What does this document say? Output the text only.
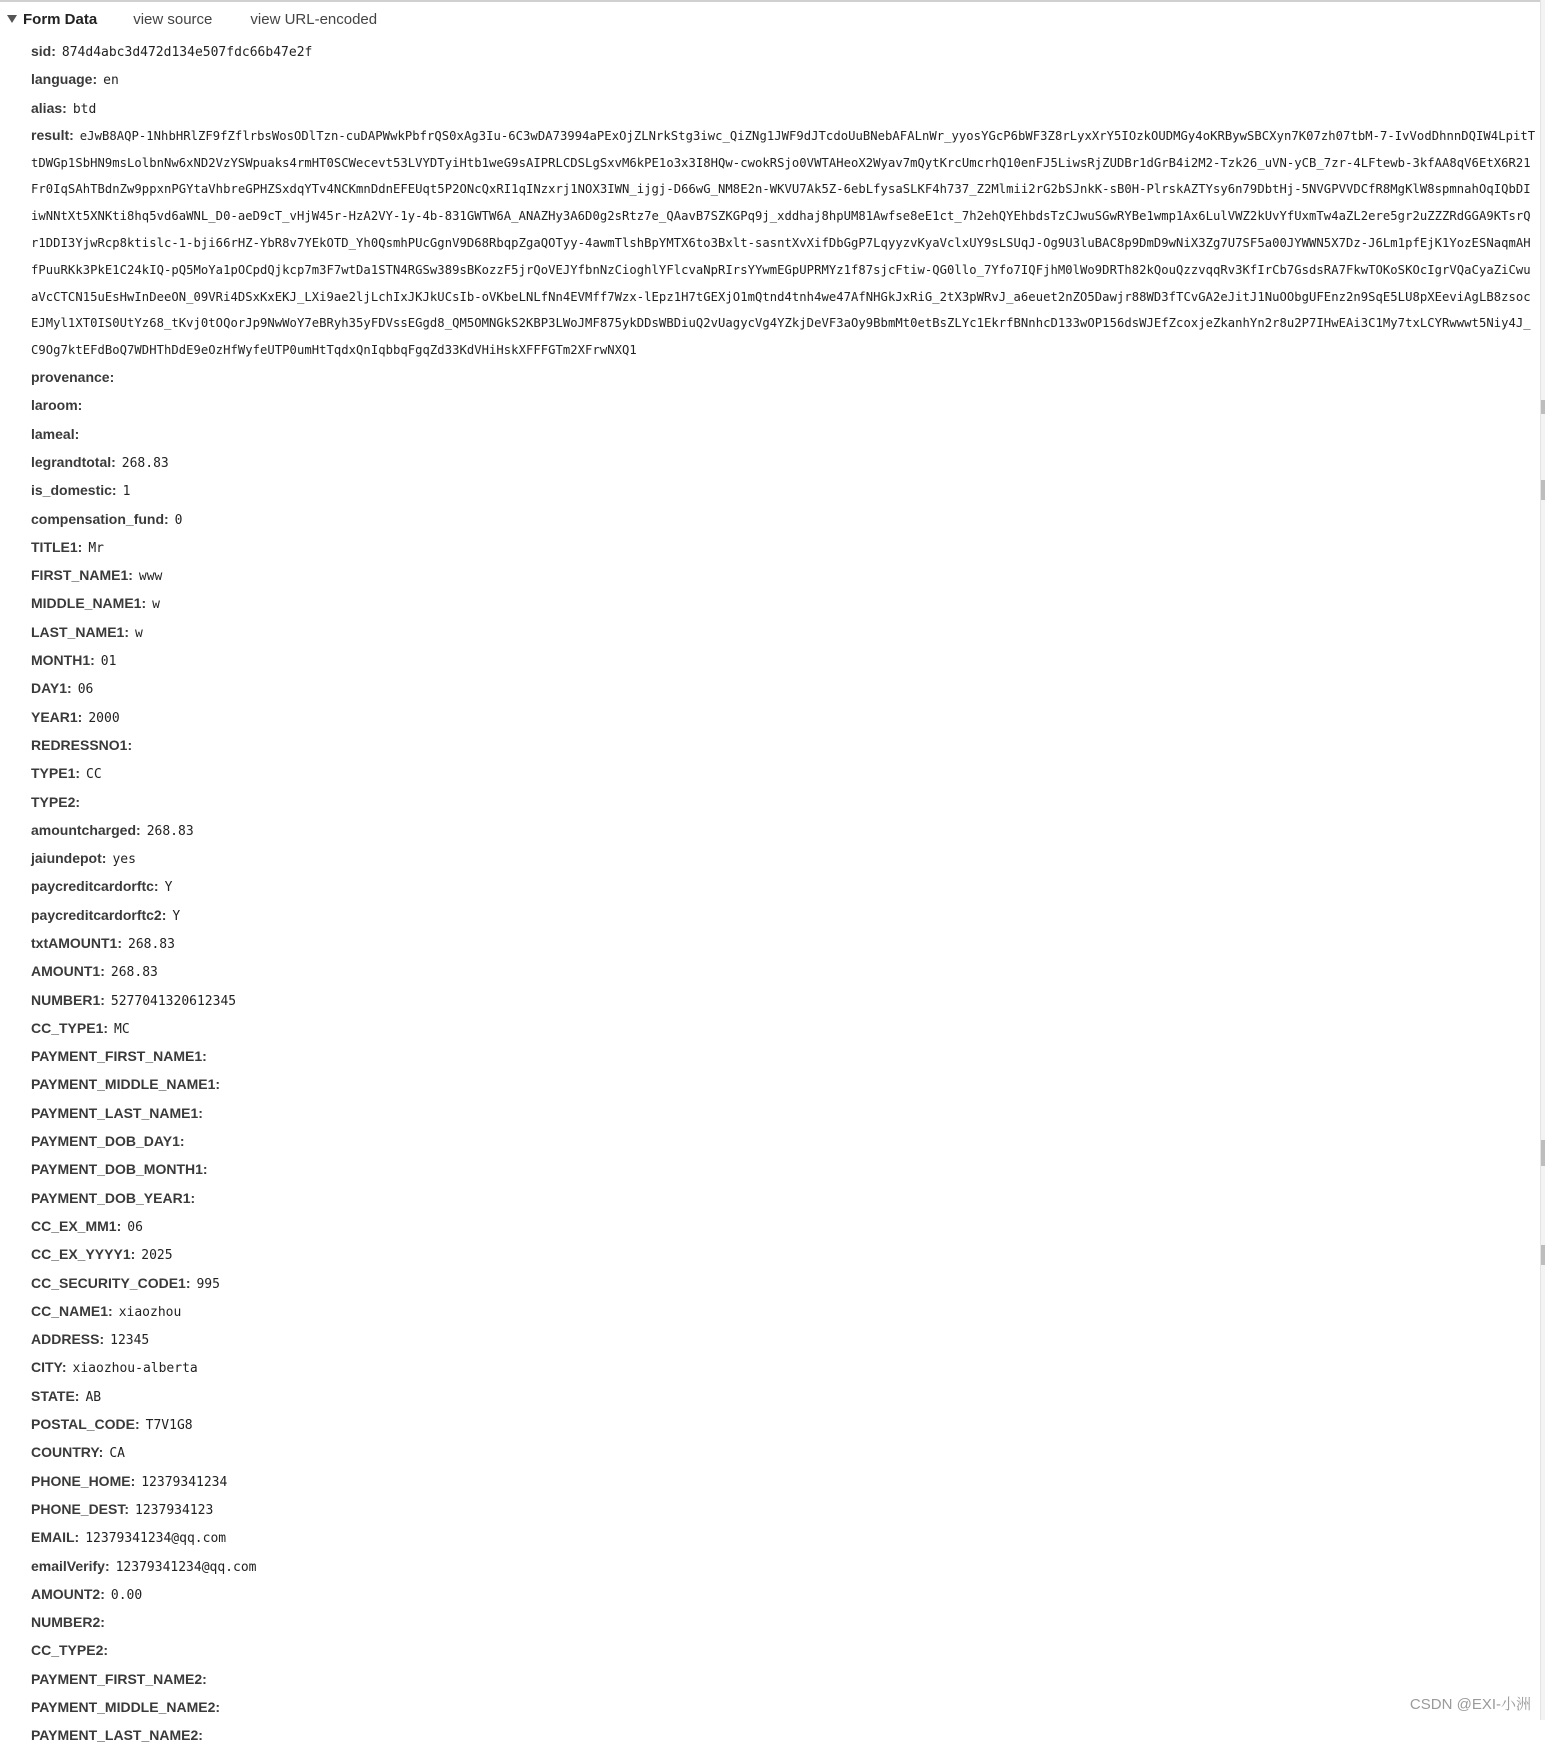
Form Data view source	view URL-encoded
sid: 874d4abc3d472d134e507fdc66b47e2f
language: en
alias: btd
result: eJwB8AQP-1NhbHRlZF9fZflrbsWosODlTzn-cuDAPWwkPbfrQS0xAg3Iu-6C3wDA73994aPExOjZLNrkStg3iwc_QiZNg1JWF9dJTcdoUuBNebAFALnWr_yyosYGcP6bWF3Z8rLyxXrY5IOzkOUDMGy4oKRBywSBCXyn7K07zh07tbM-7-IvVodDhnnDQIW4LpitTtDWGp1SbHN9msLolbnNw6xND2VzYSWpuaks4rmHT0SCWecevt53LVYDTyiHtb1weG9sAIPRLCDSLgSxvM6kPE1o3x3I8HQw-cwokRSjo0VWTAHeoX2Wyav7mQytKrcUmcrhQ10enFJ5LiwsRjZUDBr1dGrB4i2M2-Tzk26_uVN-yCB_7zr-4LFtewb-3kfAA8qV6EtX6R21Fr0IqSAhTBdnZw9ppxnPGYtaVhbreGPHZSxdqYTv4NCKmnDdnEFEUqt5P2ONcQxRI1qINzxrj1NOX3IWN_ijgj-D66wG_NM8E2n-WKVU7Ak5Z-6ebLfysaSLKF4h737_Z2Mlmii2rG2bSJnkK-sB0H-PlrskAZTYsy6n79DbtHj-5NVGPVVDCfR8MgKlW8spmnahOqIQbDIiwNNtXt5XNKti8hq5vd6aWNL_D0-aeD9cT_vHjW45r-HzA2VY-1y-4b-831GWTW6A_ANAZHy3A6D0g2sRtz7e_QAavB7SZKGPq9j_xddhaj8hpUM81Awfse8eE1ct_7h2ehQYEhbdsTzCJwuSGwRYBe1wmp1Ax6LulVWZ2kUvYfUxmTw4aZL2ere5gr2uZZZRdGGA9KTsrQr1DDI3YjwRcp8ktislc-1-bji66rHZ-YbR8v7YEkOTD_Yh0QsmhPUcGgnV9D68RbqpZgaQOTyy-4awmTlshBpYMTX6to3Bxlt-sasntXvXifDbGgP7LqyyzvKyaVclxUY9sLSUqJ-Og9U3luBAC8p9DmD9wNiX3Zg7U7SF5a00JYWWN5X7Dz-J6Lm1pfEjK1YozESNaqmAHfPuuRKk3PkE1C24kIQ-pQ5MoYa1pOCpdQjkcp7m3F7wtDa1STN4RGSw389sBKozzF5jrQoVEJYfbnNzCioghlYFlcvaNpRIrsYYwmEGpUPRMYz1f87sjcFtiw-QG0llo_7Yfo7IQFjhM0lWo9DRTh82kQouQzzvqqRv3KfIrCb7GsdsRA7FkwTOKoSKOcIgrVQaCyaZiCwuaVcCTCN15uEsHwInDeeON_09VRi4DSxKxEKJ_LXi9ae2ljLchIxJKJkUCsIb-oVKbeLNLfNn4EVMff7Wzx-lEpz1H7tGEXjO1mQtnd4tnh4we47AfNHGkJxRiG_2tX3pWRvJ_a6euet2nZO5Dawjr88WD3fTCvGA2eJitJ1NuOObgUFEnz2n9SqE5LU8pXEeviAgLB8zsocEJMyl1XT0IS0UtYz68_tKvj0tOQorJp9NwWoY7eBRyh35yFDVssEGgd8_QM5OMNGkS2KBP3LWoJMF875ykDDsWBDiuQ2vUagycVg4YZkjDeVF3aOy9BbmMt0etBsZLYc1EkrfBNnhcD133wOP156dsWJEfZcoxjeZkanhYn2r8u2P7IHwEAi3C1My7txLCYRwwwt5Niy4J_C9Og7ktEFdBoQ7WDHThDdE9eOzHfWyfeUTP0umHtTqdxQnIqbbqFgqZd33KdVHiHskXFFFGTm2XFrwNXQ1
provenance:
laroom:
lameal:
legrandtotal: 268.83
is_domestic: 1
compensation_fund: 0
TITLE1: Mr
FIRST_NAME1: www
MIDDLE_NAME1: w
LAST_NAME1: w
MONTH1: 01
DAY1: 06
YEAR1: 2000
REDRESSNO1:
TYPE1: CC
TYPE2:
amountcharged: 268.83
jaiundepot: yes
paycreditcardorftc: Y
paycreditcardorftc2: Y
txtAMOUNT1: 268.83
AMOUNT1: 268.83
NUMBER1: 5277041320612345
CC_TYPE1: MC
PAYMENT_FIRST_NAME1:
PAYMENT_MIDDLE_NAME1:
PAYMENT_LAST_NAME1:
PAYMENT_DOB_DAY1:
PAYMENT_DOB_MONTH1:
PAYMENT_DOB_YEAR1:
CC_EX_MM1: 06
CC_EX_YYYY1: 2025
CC_SECURITY_CODE1: 995
CC_NAME1: xiaozhou
ADDRESS: 12345
CITY: xiaozhou-alberta
STATE: AB
POSTAL_CODE: T7V1G8
COUNTRY: CA
PHONE_HOME: 12379341234
PHONE_DEST: 1237934123
EMAIL: 12379341234@qq.com
emailVerify: 12379341234@qq.com
AMOUNT2: 0.00
NUMBER2:
CC_TYPE2:
PAYMENT_FIRST_NAME2:
PAYMENT_MIDDLE_NAME2:
PAYMENT_LAST_NAME2:
CSDN @EXI-小洲
